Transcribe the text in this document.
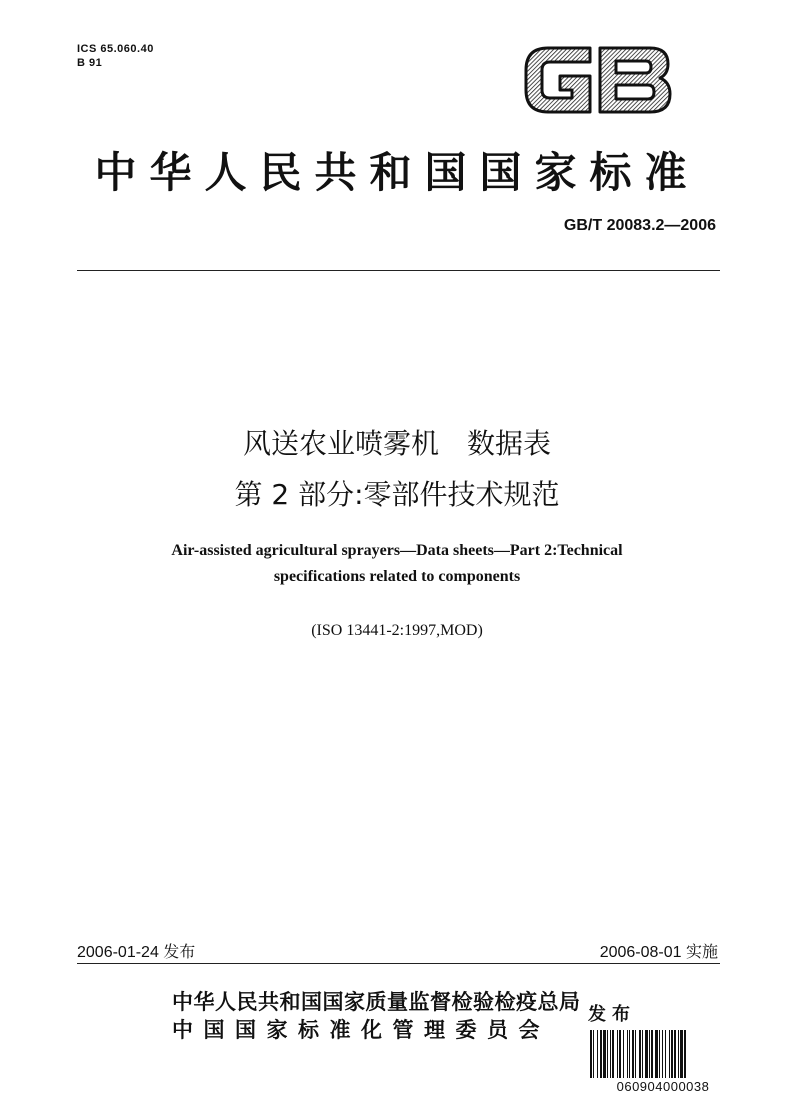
ICS 65.060.40
B 91
中华人民共和国国家标准
GB/T 20083.2—2006
风送农业喷雾机　数据表
第 2 部分:零部件技术规范
Air-assisted agricultural sprayers—Data sheets—Part 2:Technical
specifications related to components
(ISO 13441-2:1997,MOD)
2006-01-24 发布	2006-08-01 实施
中华人民共和国国家质量监督检验检疫总局
中国国家标准化管理委员会
发布
060904000038
